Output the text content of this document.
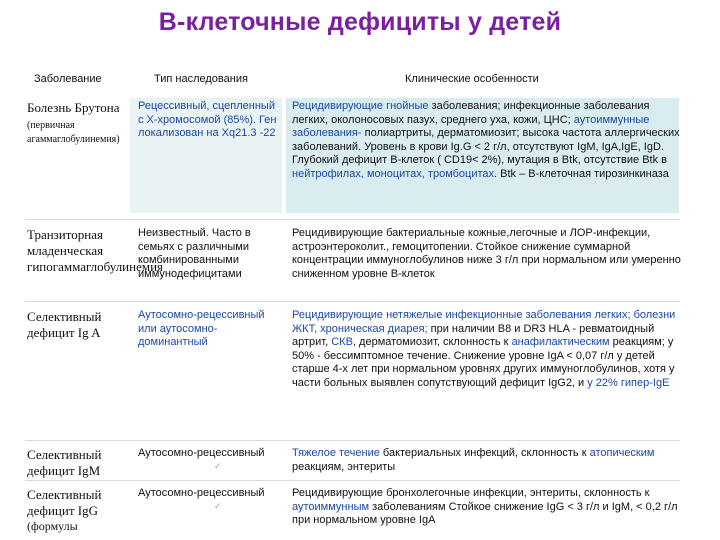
B-клеточные дефициты у детей
Заболевание	Тип наследования	Клинические особенности
Болезнь Брутона
(первичная агаммаглобулинемия)
Рецессивный, сцепленный с X-хромосомой (85%). Ген локализован на Xq21.3 -22
Рецидивирующие гнойные заболевания; инфекционные заболевания легких, околоносовых пазух, среднего уха, кожи, ЦНС; аутоиммунные заболевания- полиартриты, дерматомиозит; высока частота аллергических заболеваний. Уровень в крови Ig.G < 2 г/л, отсутствуют IgM, IgA,IgE, IgD. Глубокий дефицит B-клеток ( CD19< 2%), мутация в Btk, отсутствие Btk в нейтрофилах, моноцитах, тромбоцитах. Btk – B-клеточная тирозинкиназа
Транзиторная младенческая гипогаммаглобулинемия
Неизвестный. Часто в семьях с различными комбинированными иммунодефицитами
Рецидивирующие бактериальные кожные,легочные и ЛОР-инфекции, астроэнтероколит., гемоцитопении. Стойкое снижение суммарной концентрации иммуноглобулинов ниже 3 г/л при нормальном или умеренно сниженном уровне B-клеток
Селективный дефицит Ig A
Аутосомно-рецессивный или аутосомно-доминантный
Рецидивирующие нетяжелые инфекционные заболевания легких; болезни ЖКТ, хроническая диарея; при наличии B8 и DR3 HLA - ревматоидный артрит, СКВ, дерматомиозит, склонность к анафилактическим реакциям; у 50% - бессимптомное течение. Снижение уровне IgA < 0,07 г/л у детей старше 4-х лет при нормальном уровнях других иммуноглобулинов, хотя у части больных выявлен сопутствующий дефицит IgG2, и у 22% гипер-IgE
Селективный дефицит IgM
Аутосомно-рецессивный
✓
Тяжелое течение бактериальных инфекций, склонность к атопическим реакциям, энтериты
Селективный дефицит IgG
(формулы
Аутосомно-рецессивный
✓
Рецидивирующие бронхолегочные инфекции, энтериты, склонность к аутоиммунным заболеваниям Стойкое снижение IgG < 3 г/л и IgM, < 0,2 г/л при нормальном уровне IgA
